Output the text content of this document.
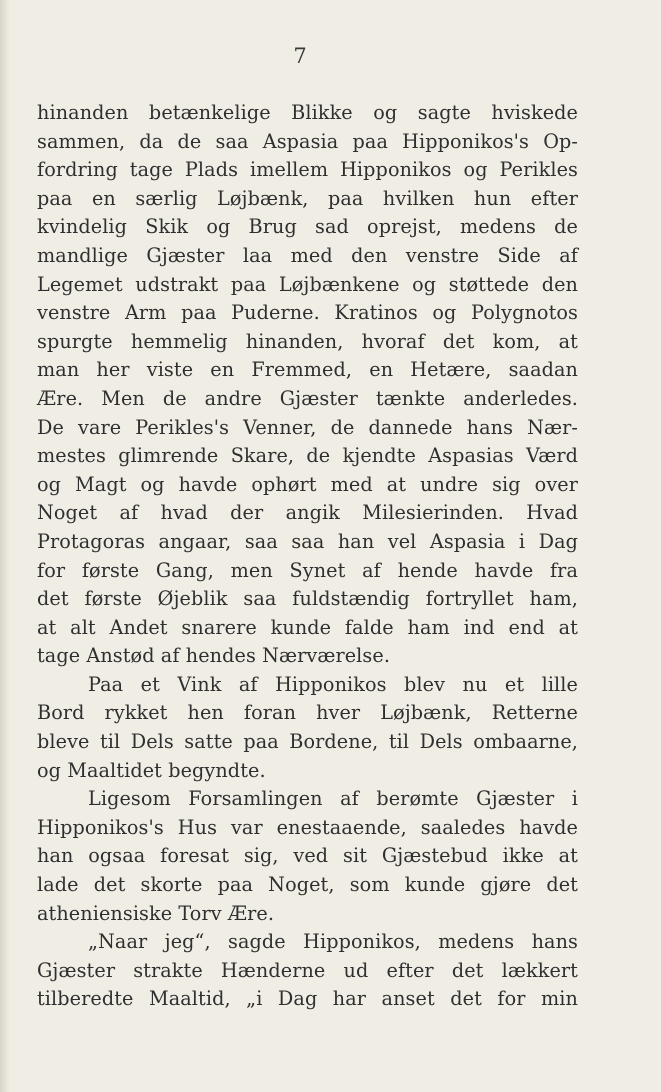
7
hinanden betænkelige Blikke og sagte hviskede
sammen, da de saa Aspasia paa Hipponikos's Op-
fordring tage Plads imellem Hipponikos og Perikles
paa en særlig Løjbænk, paa hvilken hun efter
kvindelig Skik og Brug sad oprejst, medens de
mandlige Gjæster laa med den venstre Side af
Legemet udstrakt paa Løjbænkene og støttede den
venstre Arm paa Puderne. Kratinos og Polygnotos
spurgte hemmelig hinanden, hvoraf det kom, at
man her viste en Fremmed, en Hetære, saadan
Ære. Men de andre Gjæster tænkte anderledes.
De vare Perikles's Venner, de dannede hans Nær-
mestes glimrende Skare, de kjendte Aspasias Værd
og Magt og havde ophørt med at undre sig over
Noget af hvad der angik Milesierinden. Hvad
Protagoras angaar, saa saa han vel Aspasia i Dag
for første Gang, men Synet af hende havde fra
det første Øjeblik saa fuldstændig fortryllet ham,
at alt Andet snarere kunde falde ham ind end at
tage Anstød af hendes Nærværelse.
Paa et Vink af Hipponikos blev nu et lille
Bord rykket hen foran hver Løjbænk, Retterne
bleve til Dels satte paa Bordene, til Dels ombaarne,
og Maaltidet begyndte.
Ligesom Forsamlingen af berømte Gjæster i
Hipponikos's Hus var enestaaende, saaledes havde
han ogsaa foresat sig, ved sit Gjæstebud ikke at
lade det skorte paa Noget, som kunde gjøre det
atheniensiske Torv Ære.
„Naar jeg“, sagde Hipponikos, medens hans
Gjæster strakte Hænderne ud efter det lækkert
tilberedte Maaltid, „i Dag har anset det for min
